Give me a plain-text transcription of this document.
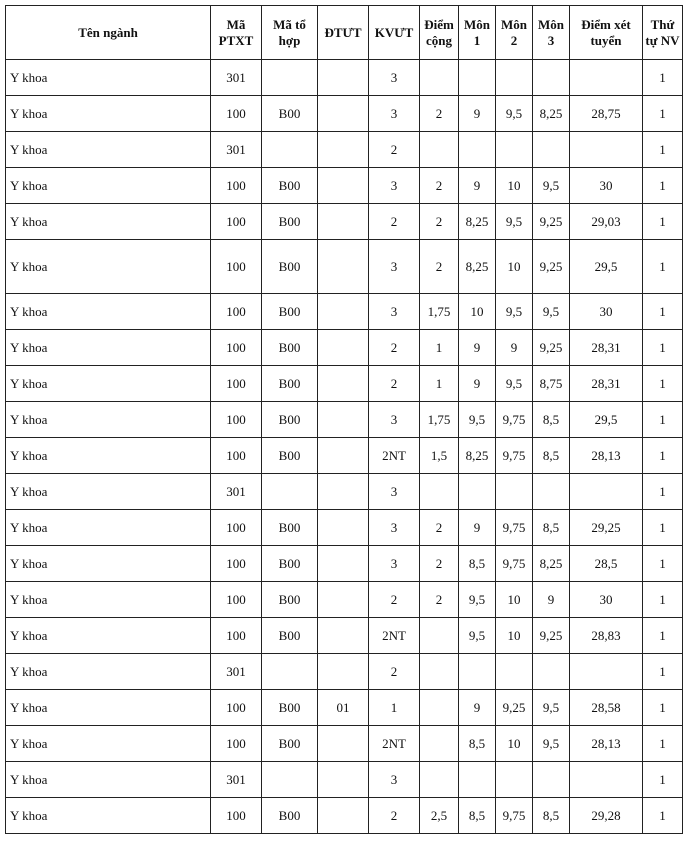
Tên ngành	Mã PTXT	Mã tổ hợp	ĐTƯT	KVƯT	Điểm cộng	Môn 1	Môn 2	Môn 3	Điểm xét tuyển	Thứ tự NV
Y khoa	301			3						1
Y khoa	100	B00		3	2	9	9,5	8,25	28,75	1
Y khoa	301			2						1
Y khoa	100	B00		3	2	9	10	9,5	30	1
Y khoa	100	B00		2	2	8,25	9,5	9,25	29,03	1
Y khoa	100	B00		3	2	8,25	10	9,25	29,5	1
Y khoa	100	B00		3	1,75	10	9,5	9,5	30	1
Y khoa	100	B00		2	1	9	9	9,25	28,31	1
Y khoa	100	B00		2	1	9	9,5	8,75	28,31	1
Y khoa	100	B00		3	1,75	9,5	9,75	8,5	29,5	1
Y khoa	100	B00		2NT	1,5	8,25	9,75	8,5	28,13	1
Y khoa	301			3						1
Y khoa	100	B00		3	2	9	9,75	8,5	29,25	1
Y khoa	100	B00		3	2	8,5	9,75	8,25	28,5	1
Y khoa	100	B00		2	2	9,5	10	9	30	1
Y khoa	100	B00		2NT		9,5	10	9,25	28,83	1
Y khoa	301			2						1
Y khoa	100	B00	01	1		9	9,25	9,5	28,58	1
Y khoa	100	B00		2NT		8,5	10	9,5	28,13	1
Y khoa	301			3						1
Y khoa	100	B00		2	2,5	8,5	9,75	8,5	29,28	1
